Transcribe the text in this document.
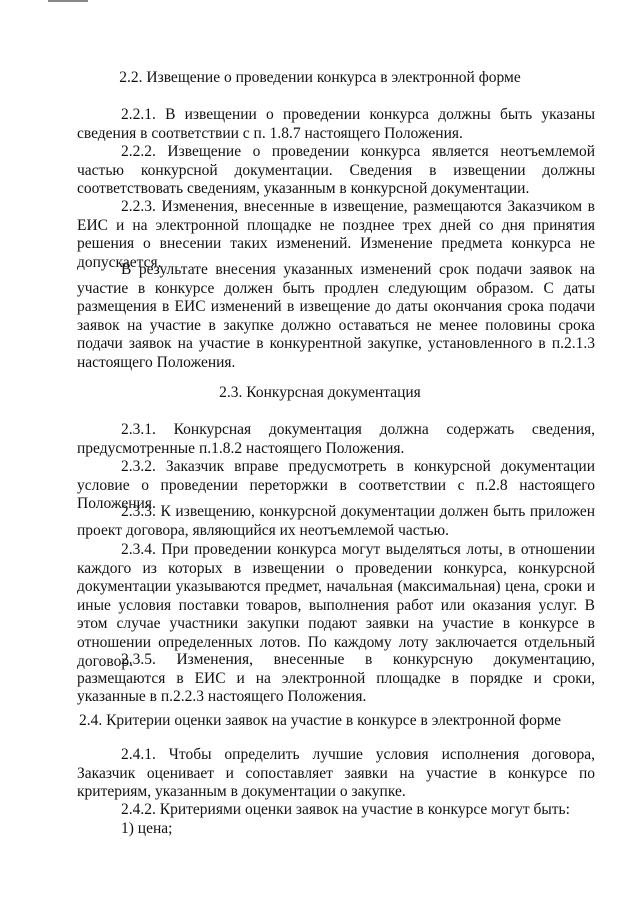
2.2. Извещение о проведении конкурса в электронной форме
2.2.1. В извещении о проведении конкурса должны быть указаны сведения в соответствии с п. 1.8.7 настоящего Положения.
2.2.2. Извещение о проведении конкурса является неотъемлемой частью конкурсной документации. Сведения в извещении должны соответствовать сведениям, указанным в конкурсной документации.
2.2.3. Изменения, внесенные в извещение, размещаются Заказчиком в ЕИС и на электронной площадке не позднее трех дней со дня принятия решения о внесении таких изменений. Изменение предмета конкурса не допускается.
В результате внесения указанных изменений срок подачи заявок на участие в конкурсе должен быть продлен следующим образом. С даты размещения в ЕИС изменений в извещение до даты окончания срока подачи заявок на участие в закупке должно оставаться не менее половины срока подачи заявок на участие в конкурентной закупке, установленного в п.2.1.3 настоящего Положения.
2.3. Конкурсная документация
2.3.1. Конкурсная документация должна содержать сведения, предусмотренные п.1.8.2 настоящего Положения.
2.3.2. Заказчик вправе предусмотреть в конкурсной документации условие о проведении переторжки в соответствии с п.2.8 настоящего Положения.
2.3.3. К извещению, конкурсной документации должен быть приложен проект договора, являющийся их неотъемлемой частью.
2.3.4. При проведении конкурса могут выделяться лоты, в отношении каждого из которых в извещении о проведении конкурса, конкурсной документации указываются предмет, начальная (максимальная) цена, сроки и иные условия поставки товаров, выполнения работ или оказания услуг. В этом случае участники закупки подают заявки на участие в конкурсе в отношении определенных лотов. По каждому лоту заключается отдельный договор.
2.3.5. Изменения, внесенные в конкурсную документацию, размещаются в ЕИС и на электронной площадке в порядке и сроки, указанные в п.2.2.3 настоящего Положения.
2.4. Критерии оценки заявок на участие в конкурсе в электронной форме
2.4.1. Чтобы определить лучшие условия исполнения договора, Заказчик оценивает и сопоставляет заявки на участие в конкурсе по критериям, указанным в документации о закупке.
2.4.2. Критериями оценки заявок на участие в конкурсе могут быть:
1) цена;
